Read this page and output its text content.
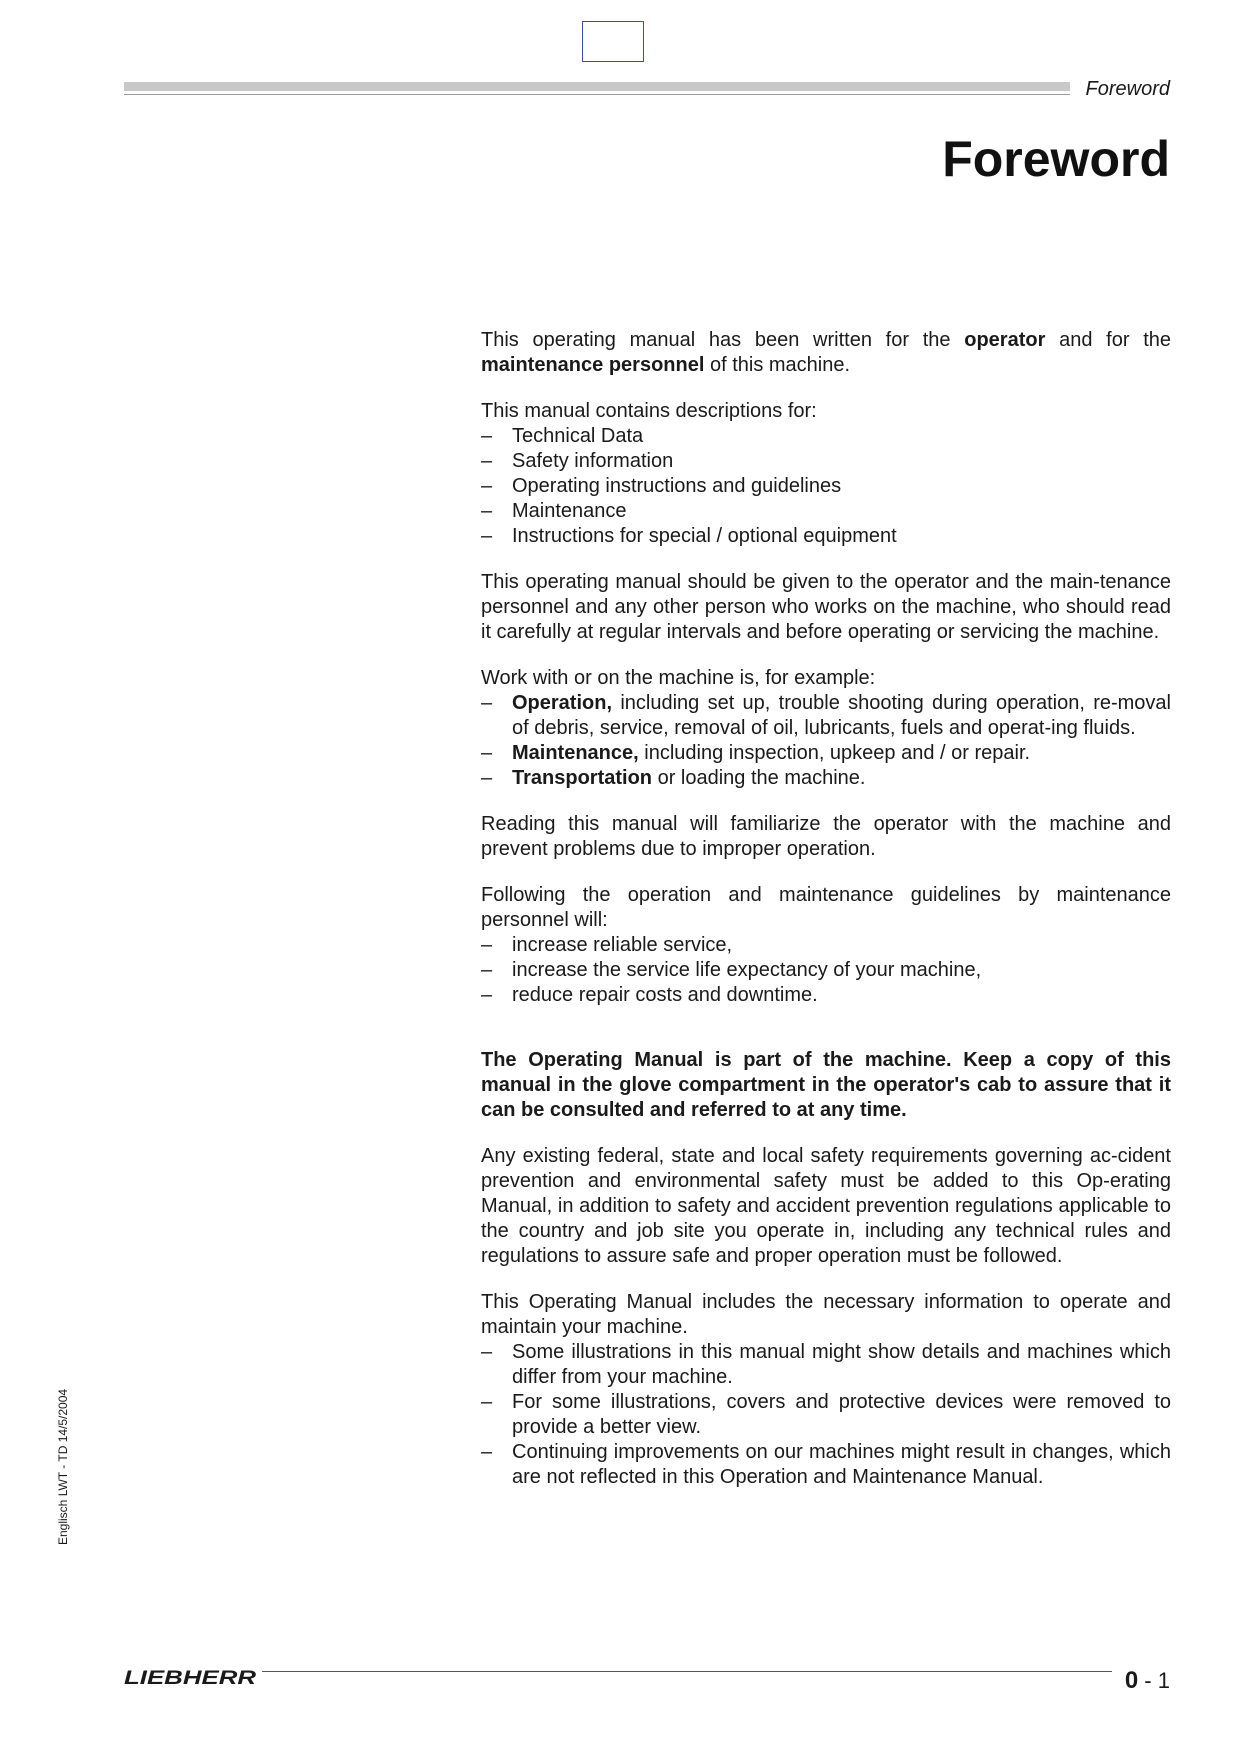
Foreword
Foreword

This operating manual has been written for the operator and for the maintenance personnel of this machine.

This manual contains descriptions for:

– Technical Data
– Safety information
– Operating instructions and guidelines
– Maintenance
– Instructions for special / optional equipment

This operating manual should be given to the operator and the main-tenance personnel and any other person who works on the machine, who should read it carefully at regular intervals and before operating or servicing the machine.

Work with or on the machine is, for example:

– Operation, including set up, trouble shooting during operation, re-moval of debris, service, removal of oil, lubricants, fuels and operat-ing fluids.
– Maintenance, including inspection, upkeep and / or repair.
– Transportation or loading the machine.

Reading this manual will familiarize the operator with the machine and prevent problems due to improper operation.

Following the operation and maintenance guidelines by maintenance personnel will:

– increase reliable service,
– increase the service life expectancy of your machine,
– reduce repair costs and downtime.

The Operating Manual is part of the machine. Keep a copy of this manual in the glove compartment in the operator's cab to assure that it can be consulted and referred to at any time.

Any existing federal, state and local safety requirements governing ac-cident prevention and environmental safety must be added to this Op-erating Manual, in addition to safety and accident prevention regulations applicable to the country and job site you operate in, including any technical rules and regulations to assure safe and proper operation must be followed.

This Operating Manual includes the necessary information to operate and maintain your machine.

– Some illustrations in this manual might show details and machines which differ from your machine.
– For some illustrations, covers and protective devices were removed to provide a better view.
– Continuing improvements on our machines might result in changes, which are not reflected in this Operation and Maintenance Manual.
Englisch LWT - TD 14/5/2004
LIEBHERR	0 - 1
